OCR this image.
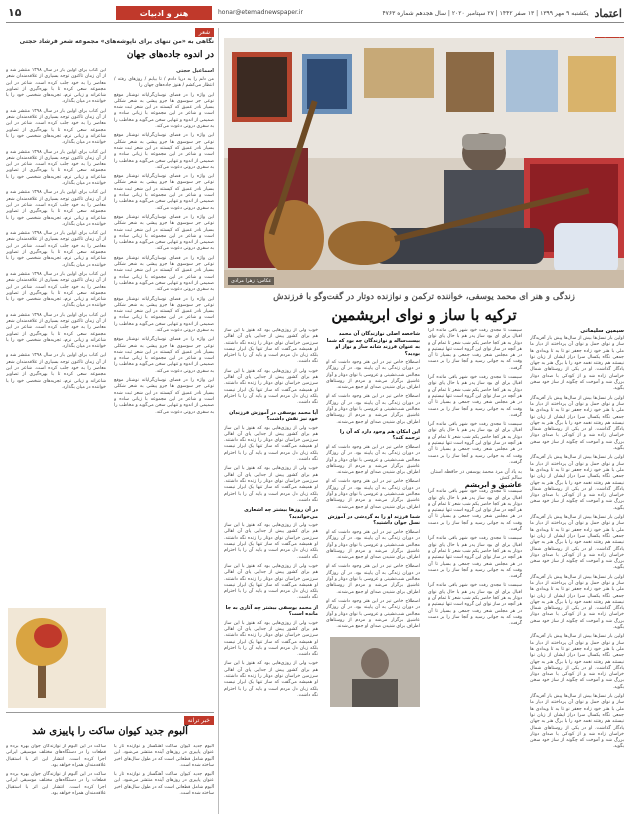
اعتماد
یکشنبه ۹ مهر ۱۳۹۹ | ۱۳ صفر ۱۴۴۲ | ۲۷ سپتامبر ۲۰۲۰ | سال هجدهم شماره ۴۷۶۳
honar@etemadnewspaper.ir
هنر و ادبیات
۱۵
عکاس: زهرا مرادی
زندگی و هنر ای محمد یوسفی، خواننده ترکمن و نوازنده دوتار در گفت‌وگو با فرزندش
ترکیه با ساز و نوای ابریشمین
سیمین سلیمانی

اولین بار نسل‌ها بیش از سال‌ها پیش بار آفریدگار ساز و نوای حمل و نوای آن پرداختند از دیار ما ملی با هنر خود زاده جعفر نو تا به تا ویدادی ها جمعی نگاه یکسال سرا دراز ایشان از زبان نوا نیستند هم رفتند نغمه خود را با برگ هنر به جهان یادگار گذاشت. او در یکی از روستاهای شمال خراسان زاده شد و از کودکی با صدای دوتار بزرگ شد و آموخت که چگونه از ساز خود سخن بگوید.

اولین بار نسل‌ها بیش از سال‌ها پیش بار آفریدگار ساز و نوای حمل و نوای آن پرداختند از دیار ما ملی با هنر خود زاده جعفر نو تا به تا ویدادی ها جمعی نگاه یکسال سرا دراز ایشان از زبان نوا نیستند هم رفتند نغمه خود را با برگ هنر به جهان یادگار گذاشت. او در یکی از روستاهای شمال خراسان زاده شد و از کودکی با صدای دوتار بزرگ شد و آموخت که چگونه از ساز خود سخن بگوید.

اولین بار نسل‌ها بیش از سال‌ها پیش بار آفریدگار ساز و نوای حمل و نوای آن پرداختند از دیار ما ملی با هنر خود زاده جعفر نو تا به تا ویدادی ها جمعی نگاه یکسال سرا دراز ایشان از زبان نوا نیستند هم رفتند نغمه خود را با برگ هنر به جهان یادگار گذاشت. او در یکی از روستاهای شمال خراسان زاده شد و از کودکی با صدای دوتار بزرگ شد و آموخت که چگونه از ساز خود سخن بگوید.

اولین بار نسل‌ها بیش از سال‌ها پیش بار آفریدگار ساز و نوای حمل و نوای آن پرداختند از دیار ما ملی با هنر خود زاده جعفر نو تا به تا ویدادی ها جمعی نگاه یکسال سرا دراز ایشان از زبان نوا نیستند هم رفتند نغمه خود را با برگ هنر به جهان یادگار گذاشت. او در یکی از روستاهای شمال خراسان زاده شد و از کودکی با صدای دوتار بزرگ شد و آموخت که چگونه از ساز خود سخن بگوید.

اولین بار نسل‌ها بیش از سال‌ها پیش بار آفریدگار ساز و نوای حمل و نوای آن پرداختند از دیار ما ملی با هنر خود زاده جعفر نو تا به تا ویدادی ها جمعی نگاه یکسال سرا دراز ایشان از زبان نوا نیستند هم رفتند نغمه خود را با برگ هنر به جهان یادگار گذاشت. او در یکی از روستاهای شمال خراسان زاده شد و از کودکی با صدای دوتار بزرگ شد و آموخت که چگونه از ساز خود سخن بگوید.

اولین بار نسل‌ها بیش از سال‌ها پیش بار آفریدگار ساز و نوای حمل و نوای آن پرداختند از دیار ما ملی با هنر خود زاده جعفر نو تا به تا ویدادی ها جمعی نگاه یکسال سرا دراز ایشان از زبان نوا نیستند هم رفتند نغمه خود را با برگ هنر به جهان یادگار گذاشت. او در یکی از روستاهای شمال خراسان زاده شد و از کودکی با صدای دوتار بزرگ شد و آموخت که چگونه از ساز خود سخن بگوید.

اولین بار نسل‌ها بیش از سال‌ها پیش بار آفریدگار ساز و نوای حمل و نوای آن پرداختند از دیار ما ملی با هنر خود زاده جعفر نو تا به تا ویدادی ها جمعی نگاه یکسال سرا دراز ایشان از زبان نوا نیستند هم رفتند نغمه خود را با برگ هنر به جهان یادگار گذاشت. او در یکی از روستاهای شمال خراسان زاده شد و از کودکی با صدای دوتار بزرگ شد و آموخت که چگونه از ساز خود سخن بگوید.

سیست تا مجدی رفت خود شهر باقی مانده آنرا اقبال برای ای بود ساز پدر هم با حال پای نوای دوتار به هر کجا حاضر یکم شب شعر تا تمام آن و هر آنچه در ساز نوای این گروه است تنها نیستیم و در هر مجلس شعر رفت جمعی و بسیار تا آن وقت که به جوانی رسید و آنجا ساز را بر دست گرفت.

سیست تا مجدی رفت خود شهر باقی مانده آنرا اقبال برای ای بود ساز پدر هم با حال پای نوای دوتار به هر کجا حاضر یکم شب شعر تا تمام آن و هر آنچه در ساز نوای این گروه است تنها نیستیم و در هر مجلس شعر رفت جمعی و بسیار تا آن وقت که به جوانی رسید و آنجا ساز را بر دست گرفت.

سیست تا مجدی رفت خود شهر باقی مانده آنرا اقبال برای ای بود ساز پدر هم با حال پای نوای دوتار به هر کجا حاضر یکم شب شعر تا تمام آن و هر آنچه در ساز نوای این گروه است تنها نیستیم و در هر مجلس شعر رفت جمعی و بسیار تا آن وقت که به جوانی رسید و آنجا ساز را بر دست گرفت.

به یاد آن مرد محمد یوسفی در حافظه استان سالم کنش
عاشیق و ابریشم

سیست تا مجدی رفت خود شهر باقی مانده آنرا اقبال برای ای بود ساز پدر هم با حال پای نوای دوتار به هر کجا حاضر یکم شب شعر تا تمام آن و هر آنچه در ساز نوای این گروه است تنها نیستیم و در هر مجلس شعر رفت جمعی و بسیار تا آن وقت که به جوانی رسید و آنجا ساز را بر دست گرفت.

سیست تا مجدی رفت خود شهر باقی مانده آنرا اقبال برای ای بود ساز پدر هم با حال پای نوای دوتار به هر کجا حاضر یکم شب شعر تا تمام آن و هر آنچه در ساز نوای این گروه است تنها نیستیم و در هر مجلس شعر رفت جمعی و بسیار تا آن وقت که به جوانی رسید و آنجا ساز را بر دست گرفت.

سیست تا مجدی رفت خود شهر باقی مانده آنرا اقبال برای ای بود ساز پدر هم با حال پای نوای دوتار به هر کجا حاضر یکم شب شعر تا تمام آن و هر آنچه در ساز نوای این گروه است تنها نیستیم و در هر مجلس شعر رفت جمعی و بسیار تا آن وقت که به جوانی رسید و آنجا ساز را بر دست گرفت.

شاخصه اصلی نوازندگان آن محمد بیست‌ساله و نوازندگان چه بود که شما به عنوان فرزند شانه ساز و نواز او بودید؟

اصطلاح خاص نیز در این هنر وجود داشت که او در دوران زندگی به آن پایبند بود. در آن روزگار مجالس شب‌نشینی و عروسی با نوای دوتار و آواز عاشیق برگزار می‌شد و مردم از روستاهای اطراف برای شنیدن صدای او جمع می‌شدند.

اصطلاح خاص نیز در این هنر وجود داشت که او در دوران زندگی به آن پایبند بود. در آن روزگار مجالس شب‌نشینی و عروسی با نوای دوتار و آواز عاشیق برگزار می‌شد و مردم از روستاهای اطراف برای شنیدن صدای او جمع می‌شدند.

این امکان هم وجود دارد که آن را ترجمه کند؟

اصطلاح خاص نیز در این هنر وجود داشت که او در دوران زندگی به آن پایبند بود. در آن روزگار مجالس شب‌نشینی و عروسی با نوای دوتار و آواز عاشیق برگزار می‌شد و مردم از روستاهای اطراف برای شنیدن صدای او جمع می‌شدند.

اصطلاح خاص نیز در این هنر وجود داشت که او در دوران زندگی به آن پایبند بود. در آن روزگار مجالس شب‌نشینی و عروسی با نوای دوتار و آواز عاشیق برگزار می‌شد و مردم از روستاهای اطراف برای شنیدن صدای او جمع می‌شدند.

شما فرزند او را به گردشی در آموزش نسل جوان داشتید؟

اصطلاح خاص نیز در این هنر وجود داشت که او در دوران زندگی به آن پایبند بود. در آن روزگار مجالس شب‌نشینی و عروسی با نوای دوتار و آواز عاشیق برگزار می‌شد و مردم از روستاهای اطراف برای شنیدن صدای او جمع می‌شدند.

اصطلاح خاص نیز در این هنر وجود داشت که او در دوران زندگی به آن پایبند بود. در آن روزگار مجالس شب‌نشینی و عروسی با نوای دوتار و آواز عاشیق برگزار می‌شد و مردم از روستاهای اطراف برای شنیدن صدای او جمع می‌شدند.

اصطلاح خاص نیز در این هنر وجود داشت که او در دوران زندگی به آن پایبند بود. در آن روزگار مجالس شب‌نشینی و عروسی با نوای دوتار و آواز عاشیق برگزار می‌شد و مردم از روستاهای اطراف برای شنیدن صدای او جمع می‌شدند.

خوب ولی از روزی‌هایی بود که هنوز با این ساز هم برای کشور پیش از جدایی پای آن اهالی سرزمین خراسان نوای دوتار را زنده نگه داشتند. او همیشه می‌گفت که ساز تنها یک ابزار نیست بلکه زبان دل مردم است و باید آن را با احترام نگه داشت.

خوب ولی از روزی‌هایی بود که هنوز با این ساز هم برای کشور پیش از جدایی پای آن اهالی سرزمین خراسان نوای دوتار را زنده نگه داشتند. او همیشه می‌گفت که ساز تنها یک ابزار نیست بلکه زبان دل مردم است و باید آن را با احترام نگه داشت.

آیا محمد یوسفی در آموزش فرزندان خود نیز نقش داشت؟

خوب ولی از روزی‌هایی بود که هنوز با این ساز هم برای کشور پیش از جدایی پای آن اهالی سرزمین خراسان نوای دوتار را زنده نگه داشتند. او همیشه می‌گفت که ساز تنها یک ابزار نیست بلکه زبان دل مردم است و باید آن را با احترام نگه داشت.

خوب ولی از روزی‌هایی بود که هنوز با این ساز هم برای کشور پیش از جدایی پای آن اهالی سرزمین خراسان نوای دوتار را زنده نگه داشتند. او همیشه می‌گفت که ساز تنها یک ابزار نیست بلکه زبان دل مردم است و باید آن را با احترام نگه داشت.

در آن روزها بیشتر چه اشعاری می‌خواندید؟

خوب ولی از روزی‌هایی بود که هنوز با این ساز هم برای کشور پیش از جدایی پای آن اهالی سرزمین خراسان نوای دوتار را زنده نگه داشتند. او همیشه می‌گفت که ساز تنها یک ابزار نیست بلکه زبان دل مردم است و باید آن را با احترام نگه داشت.

خوب ولی از روزی‌هایی بود که هنوز با این ساز هم برای کشور پیش از جدایی پای آن اهالی سرزمین خراسان نوای دوتار را زنده نگه داشتند. او همیشه می‌گفت که ساز تنها یک ابزار نیست بلکه زبان دل مردم است و باید آن را با احترام نگه داشت.

از محمد یوسفی بیشتر چه آثاری به جا مانده است؟

خوب ولی از روزی‌هایی بود که هنوز با این ساز هم برای کشور پیش از جدایی پای آن اهالی سرزمین خراسان نوای دوتار را زنده نگه داشتند. او همیشه می‌گفت که ساز تنها یک ابزار نیست بلکه زبان دل مردم است و باید آن را با احترام نگه داشت.

خوب ولی از روزی‌هایی بود که هنوز با این ساز هم برای کشور پیش از جدایی پای آن اهالی سرزمین خراسان نوای دوتار را زنده نگه داشتند. او همیشه می‌گفت که ساز تنها یک ابزار نیست بلکه زبان دل مردم است و باید آن را با احترام نگه داشت.

شعر
نگاهی به «من تنهای برای ناپوشه‌های» مجموعه شعر فرشاد حجتی
در اندوه جاده‌های جهان
اسماعیل حجتی
من دلم را به دریا دادم / تا بیابم / روزهای رفته / انتظار می‌کشم / هنوز جاده‌های جهان را

این واژه را در فضای نوسان‌گرایانه نوشتار موقع نوعی جز سوسوی ها جزو پیشی به شعر شکلی بسیار نادر عمیق که کیستند در این شعر ثبت شده است و شاعر در این مجموعه با زبانی ساده و صمیمی از اندوه و تنهایی سخن می‌گوید و مخاطب را به سفری درونی دعوت می‌کند.

این واژه را در فضای نوسان‌گرایانه نوشتار موقع نوعی جز سوسوی ها جزو پیشی به شعر شکلی بسیار نادر عمیق که کیستند در این شعر ثبت شده است و شاعر در این مجموعه با زبانی ساده و صمیمی از اندوه و تنهایی سخن می‌گوید و مخاطب را به سفری درونی دعوت می‌کند.

این واژه را در فضای نوسان‌گرایانه نوشتار موقع نوعی جز سوسوی ها جزو پیشی به شعر شکلی بسیار نادر عمیق که کیستند در این شعر ثبت شده است و شاعر در این مجموعه با زبانی ساده و صمیمی از اندوه و تنهایی سخن می‌گوید و مخاطب را به سفری درونی دعوت می‌کند.

این واژه را در فضای نوسان‌گرایانه نوشتار موقع نوعی جز سوسوی ها جزو پیشی به شعر شکلی بسیار نادر عمیق که کیستند در این شعر ثبت شده است و شاعر در این مجموعه با زبانی ساده و صمیمی از اندوه و تنهایی سخن می‌گوید و مخاطب را به سفری درونی دعوت می‌کند.

این واژه را در فضای نوسان‌گرایانه نوشتار موقع نوعی جز سوسوی ها جزو پیشی به شعر شکلی بسیار نادر عمیق که کیستند در این شعر ثبت شده است و شاعر در این مجموعه با زبانی ساده و صمیمی از اندوه و تنهایی سخن می‌گوید و مخاطب را به سفری درونی دعوت می‌کند.

این واژه را در فضای نوسان‌گرایانه نوشتار موقع نوعی جز سوسوی ها جزو پیشی به شعر شکلی بسیار نادر عمیق که کیستند در این شعر ثبت شده است و شاعر در این مجموعه با زبانی ساده و صمیمی از اندوه و تنهایی سخن می‌گوید و مخاطب را به سفری درونی دعوت می‌کند.

این واژه را در فضای نوسان‌گرایانه نوشتار موقع نوعی جز سوسوی ها جزو پیشی به شعر شکلی بسیار نادر عمیق که کیستند در این شعر ثبت شده است و شاعر در این مجموعه با زبانی ساده و صمیمی از اندوه و تنهایی سخن می‌گوید و مخاطب را به سفری درونی دعوت می‌کند.

این واژه را در فضای نوسان‌گرایانه نوشتار موقع نوعی جز سوسوی ها جزو پیشی به شعر شکلی بسیار نادر عمیق که کیستند در این شعر ثبت شده است و شاعر در این مجموعه با زبانی ساده و صمیمی از اندوه و تنهایی سخن می‌گوید و مخاطب را به سفری درونی دعوت می‌کند.

این کتاب برای اولین بار در سال ۱۳۹۸ منتشر شد و از آن زمان تاکنون توجه بسیاری از علاقه‌مندان شعر معاصر را به خود جلب کرده است. شاعر در این مجموعه سعی کرده تا با بهره‌گیری از تصاویر شاعرانه و زبانی نرم، تجربه‌های شخصی خود را با خواننده در میان بگذارد.

این کتاب برای اولین بار در سال ۱۳۹۸ منتشر شد و از آن زمان تاکنون توجه بسیاری از علاقه‌مندان شعر معاصر را به خود جلب کرده است. شاعر در این مجموعه سعی کرده تا با بهره‌گیری از تصاویر شاعرانه و زبانی نرم، تجربه‌های شخصی خود را با خواننده در میان بگذارد.

این کتاب برای اولین بار در سال ۱۳۹۸ منتشر شد و از آن زمان تاکنون توجه بسیاری از علاقه‌مندان شعر معاصر را به خود جلب کرده است. شاعر در این مجموعه سعی کرده تا با بهره‌گیری از تصاویر شاعرانه و زبانی نرم، تجربه‌های شخصی خود را با خواننده در میان بگذارد.

این کتاب برای اولین بار در سال ۱۳۹۸ منتشر شد و از آن زمان تاکنون توجه بسیاری از علاقه‌مندان شعر معاصر را به خود جلب کرده است. شاعر در این مجموعه سعی کرده تا با بهره‌گیری از تصاویر شاعرانه و زبانی نرم، تجربه‌های شخصی خود را با خواننده در میان بگذارد.

این کتاب برای اولین بار در سال ۱۳۹۸ منتشر شد و از آن زمان تاکنون توجه بسیاری از علاقه‌مندان شعر معاصر را به خود جلب کرده است. شاعر در این مجموعه سعی کرده تا با بهره‌گیری از تصاویر شاعرانه و زبانی نرم، تجربه‌های شخصی خود را با خواننده در میان بگذارد.

این کتاب برای اولین بار در سال ۱۳۹۸ منتشر شد و از آن زمان تاکنون توجه بسیاری از علاقه‌مندان شعر معاصر را به خود جلب کرده است. شاعر در این مجموعه سعی کرده تا با بهره‌گیری از تصاویر شاعرانه و زبانی نرم، تجربه‌های شخصی خود را با خواننده در میان بگذارد.

این کتاب برای اولین بار در سال ۱۳۹۸ منتشر شد و از آن زمان تاکنون توجه بسیاری از علاقه‌مندان شعر معاصر را به خود جلب کرده است. شاعر در این مجموعه سعی کرده تا با بهره‌گیری از تصاویر شاعرانه و زبانی نرم، تجربه‌های شخصی خود را با خواننده در میان بگذارد.

این کتاب برای اولین بار در سال ۱۳۹۸ منتشر شد و از آن زمان تاکنون توجه بسیاری از علاقه‌مندان شعر معاصر را به خود جلب کرده است. شاعر در این مجموعه سعی کرده تا با بهره‌گیری از تصاویر شاعرانه و زبانی نرم، تجربه‌های شخصی خود را با خواننده در میان بگذارد.

خبر ترانه
آلبوم جدید کیوان ساکت را پاییزی شد

آلبوم جدید کیوان ساکت آهنگساز و نوازنده تار با عنوان پاییزی در روزهای آینده منتشر می‌شود. این آلبوم شامل قطعاتی است که در طول سال‌های اخیر ساخته شده است.

آلبوم جدید کیوان ساکت آهنگساز و نوازنده تار با عنوان پاییزی در روزهای آینده منتشر می‌شود. این آلبوم شامل قطعاتی است که در طول سال‌های اخیر ساخته شده است.

ساکت در این آلبوم از نوازندگان جوان بهره برده و قطعات را در دستگاه‌های مختلف موسیقی ایرانی اجرا کرده است. انتشار این اثر با استقبال علاقه‌مندان همراه خواهد بود.

ساکت در این آلبوم از نوازندگان جوان بهره برده و قطعات را در دستگاه‌های مختلف موسیقی ایرانی اجرا کرده است. انتشار این اثر با استقبال علاقه‌مندان همراه خواهد بود.
